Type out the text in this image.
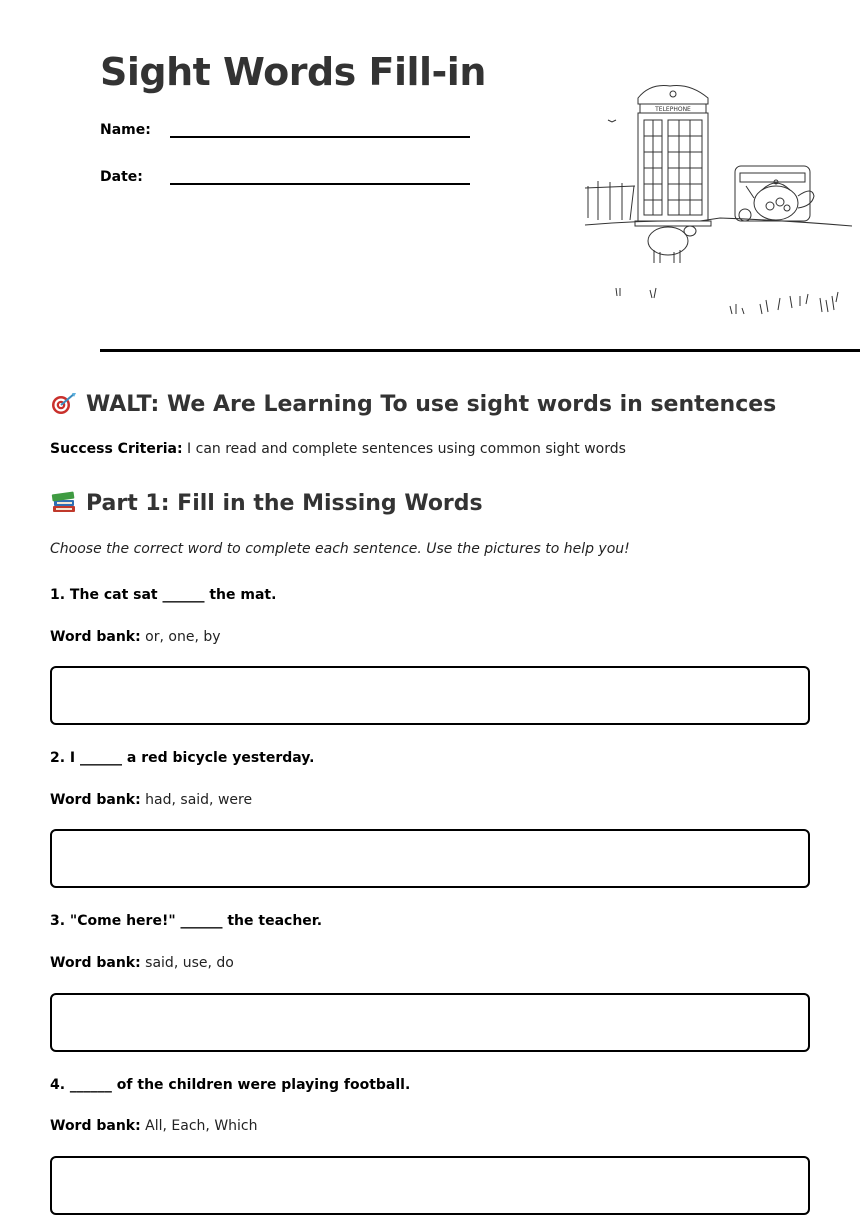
Sight Words Fill-in
Name:
Date:
TELEPHONE
WALT: We Are Learning To use sight words in sentences
Success Criteria: I can read and complete sentences using common sight words
Part 1: Fill in the Missing Words
Choose the correct word to complete each sentence. Use the pictures to help you!
1. The cat sat ______ the mat.
Word bank: or, one, by
2. I ______ a red bicycle yesterday.
Word bank: had, said, were
3. "Come here!" ______ the teacher.
Word bank: said, use, do
4. ______ of the children were playing football.
Word bank: All, Each, Which
